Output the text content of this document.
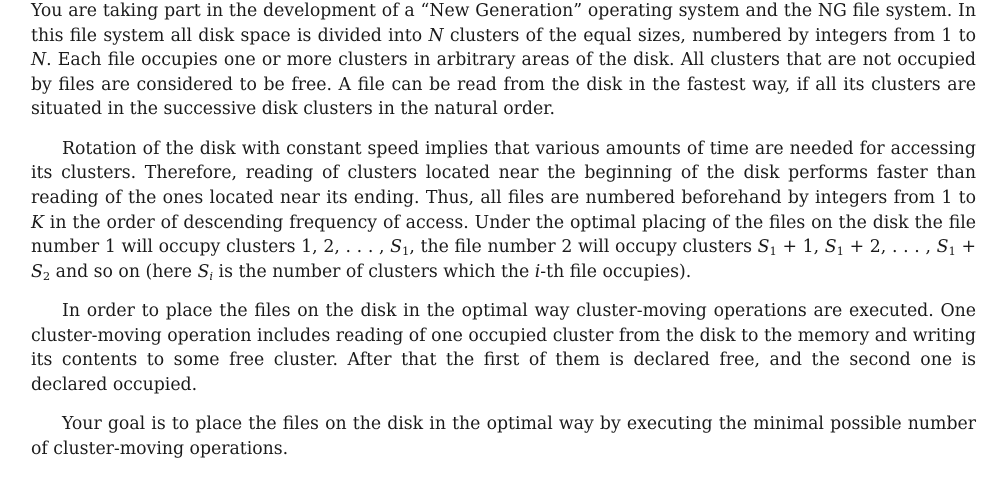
You are taking part in the development of a “New Generation” operating system and the NG file system. In this file system all disk space is divided into N clusters of the equal sizes, numbered by integers from 1 to N. Each file occupies one or more clusters in arbitrary areas of the disk. All clusters that are not occupied by files are considered to be free. A file can be read from the disk in the fastest way, if all its clusters are situated in the successive disk clusters in the natural order.

Rotation of the disk with constant speed implies that various amounts of time are needed for accessing its clusters. Therefore, reading of clusters located near the beginning of the disk performs faster than reading of the ones located near its ending. Thus, all files are numbered beforehand by integers from 1 to K in the order of descending frequency of access. Under the optimal placing of the files on the disk the file number 1 will occupy clusters 1, 2, . . . , $S_1$, the file number 2 will occupy clusters $S_1 + 1$, $S_1 + 2$, . . . , $S_1 + S_2$ and so on (here $S_i$ is the number of clusters which the i-th file occupies).

In order to place the files on the disk in the optimal way cluster-moving operations are executed. One cluster-moving operation includes reading of one occupied cluster from the disk to the memory and writing its contents to some free cluster. After that the first of them is declared free, and the second one is declared occupied.

Your goal is to place the files on the disk in the optimal way by executing the minimal possible number of cluster-moving operations.
